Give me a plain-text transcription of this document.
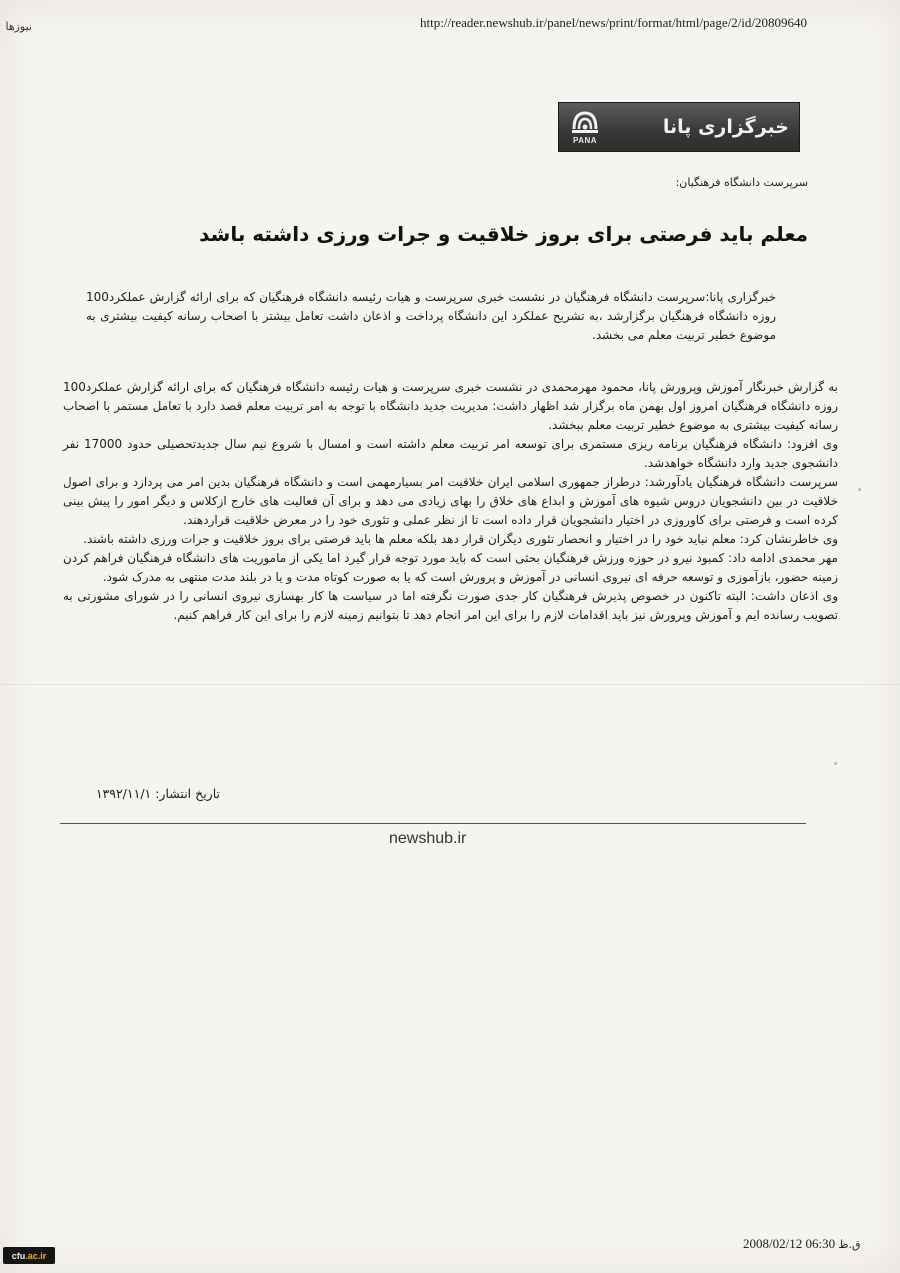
نیوزها	http://reader.newshub.ir/panel/news/print/format/html/page/2/id/20809640
خبرگزاری پانا
PANA
سرپرست دانشگاه فرهنگیان:
معلم باید فرصتی برای بروز خلاقیت و جرات ورزی داشته باشد
خبرگزاری پانا:سرپرست دانشگاه فرهنگیان در نشست خبری سرپرست و هیات رئیسه دانشگاه فرهنگیان که برای ارائه گزارش عملکرد100 روزه دانشگاه فرهنگیان برگزارشد ،به تشریح عملکرد این دانشگاه پرداخت و اذعان داشت تعامل بیشتر با اصحاب رسانه کیفیت بیشتری به موضوع خطیر تربیت معلم می بخشد.

به گزارش خبرنگار آموزش وپرورش پانا، محمود مهرمحمدی در نشست خبری سرپرست و هیات رئیسه دانشگاه فرهنگیان که برای ارائه گزارش عملکرد100 روزه دانشگاه فرهنگیان امروز اول بهمن ماه برگزار شد اظهار داشت: مدیریت جدید دانشگاه با توجه به امر تربیت معلم قصد دارد با تعامل مستمر با اصحاب رسانه کیفیت بیشتری به موضوع خطیر تربیت معلم ببخشد.

وی افزود: دانشگاه فرهنگیان برنامه ریزی مستمری برای توسعه امر تربیت معلم داشته است و امسال با شروع نیم سال جدیدتحصیلی حدود 17000 نفر دانشجوی جدید وارد دانشگاه خواهدشد.

سرپرست دانشگاه فرهنگیان یادآورشد: درطراز جمهوری اسلامی ایران خلاقیت امر بسیارمهمی است و دانشگاه فرهنگیان بدین امر می پردازد و برای اصول خلاقیت در بین دانشجویان دروس شیوه های آموزش و ابداع های خلاق را بهای زیادی می دهد و برای آن فعالیت های خارج ازکلاس و دیگر امور را پیش بینی کرده است و فرصتی برای کاوروزی در اختیار دانشجویان قرار داده است تا از نظر عملی و تئوری خود را در معرض خلاقیت قراردهند.

وی خاطرنشان کرد: معلم نباید خود را در اختیار و انحصار تئوری دیگران قرار دهد بلکه معلم ها باید فرصتی برای بروز خلاقیت و جرات ورزی داشته باشند.

مهر محمدی ادامه داد: کمبود نیرو در حوزه ورزش فرهنگیان بحثی است که باید مورد توجه قرار گیرد اما یکی از ماموریت های دانشگاه فرهنگیان فراهم کردن زمینه حضور، بازآموزی و توسعه حرفه ای نیروی انسانی در آموزش و پرورش است که یا به صورت کوتاه مدت و یا در بلند مدت منتهی به مدرک شود.

وی اذعان داشت: البته تاکنون در خصوص پذیرش فرهنگیان کار جدی صورت نگرفته اما در سیاست ها کار بهسازی نیروی انسانی را در شورای مشورتی به تصویب رسانده ایم و آموزش وپرورش نیز باید اقدامات لازم را برای این امر انجام دهد تا بتوانیم زمینه لازم را برای این کار فراهم کنیم.

تاریخ انتشار: ۱۳۹۲/۱۱/۱
newshub.ir
cfu .ac.ir
2008/02/12 06:30 ق.ظ
